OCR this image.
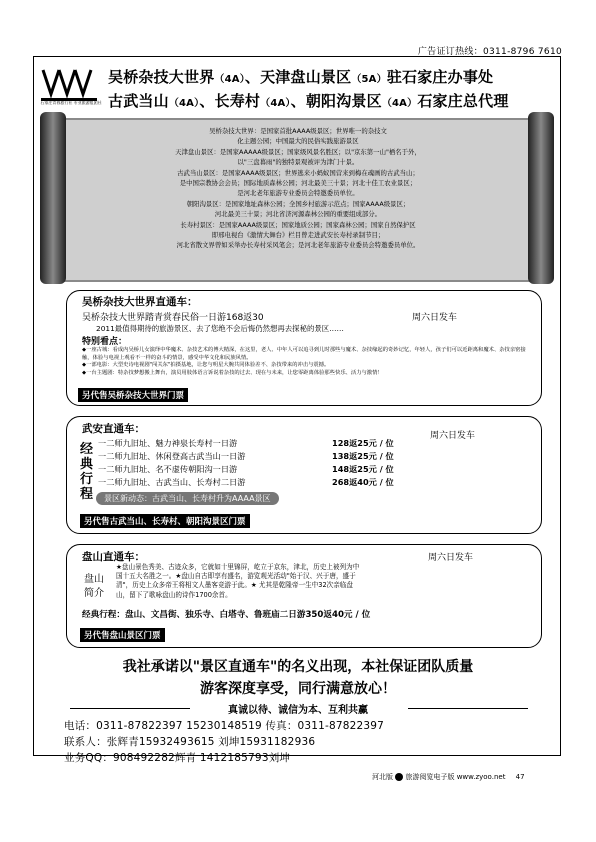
广告证订热线：0311-8796 7610
石家庄青春旅行社 专业旅游组团社
吴桥杂技大世界（4A）、天津盘山景区（5A）驻石家庄办事处
古武当山（4A）、长寿村（4A）、朝阳沟景区（4A）石家庄总代理
吴桥杂技大世界：是国家首批AAAA级景区；世界唯一的杂技文
化主题公园；中国最大的民俗实践旅游景区
天津盘山景区：是国家AAAAA级景区；国家级风景名胜区；以"京东第一山"栖名于外，
以"三盘暮雨"的独特景观被评为津门十景。
古武当山景区：是国家AAAA级景区；世界逃来小蚂蚁国营来到梅在魂画的古武当山；
是中国宗教协会会员；国际地质森林公园；河北最美三十景；河北十佳工农业景区；
是河北老年旅游专业委员会特邀委员单位。
朝阳沟景区：是国家地址森林公园；全国乡村旅游示范点；国家AAAA级景区；
河北最美三十景；河北省济河源森林公园的重要组成部分。
长寿村景区：是国家AAAA级景区；国家地质公园；国家森林公园；国家自然保护区
即邢电视台《激情大舞台》栏目曾走进武安长寿村录制节目；
河北省散文界曾如采举办长寿村采风笔会；是河北老年旅游专业委员会特邀委员单位。
吴桥杂技大世界直通车：
吴桥杂技大世界踏青赏春民俗一日游168返30	周六日发车
2011最值得期待的旅游景区、去了您绝不会后悔仍然想再去探秘的景区……
特别看点：
◆一座古城：看成内吴桥儿女演绎中华魔术、杂技艺术的博大精深，在这里，老人、中年人可以追寻到儿时那些与魔术、杂技缘起的奇妙记忆，年轻人，孩子们可以近距离和魔术、杂技亲密接触，体验与电视上观看不一样的奋斗的情景，感受中华文化和民族风情。
◆一部电影：大型史诗电视剧"闯关东"拍摄基地，让您与明星大腕共同体验差不、杂技带来的冲击与震撼。
◆一台主题剧：特杂技梦想搬上舞台，演员用肢体语言诉说着杂技的过去、现在与未来，让您零距离体验那些快乐、活力与激情！
另代售吴桥杂技大世界门票
武安直通车：
周六日发车
经
典
行
程
一二师九旧址、魅力神泉长寿村一日游	128返25元 / 位
一二师九旧址、休闲登高古武当山一日游	138返25元 / 位
一二师九旧址、名不虚传朝阳沟一日游	148返25元 / 位
一二师九旧址、古武当山、长寿村二日游	268返40元 / 位
景区新动态：古武当山、长寿村升为AAAA景区
另代售古武当山、长寿村、朝阳沟景区门票
盘山直通车：	周六日发车
盘山
简介
★盘山景色秀美、古迹众多，它就如十里锦屏，屹立于京东，津北，历史上被列为中
国十五大名胜之一。★盘山自古即享有盛名，游览观光活动"始于汉、兴于唐，盛于
清"，历史上众多帝王将相文人墨客竞游于此。★ 尤其是乾隆帝一生中32次亲临盘
山，留下了歌咏盘山的诗作1700余首。
经典行程：盘山、文昌街、独乐寺、白塔寺、鲁班庙二日游350返40元 / 位
另代售盘山景区门票
我社承诺以"景区直通车"的名义出现，本社保证团队质量
游客深度享受，同行满意放心！
真诚以待、诚信为本、互利共赢
电话：0311-87822397 15230148519 传真：0311-87822397
联系人：张辉青15932493615 刘坤15931182936
业务QQ：908492282辉青 1412185793刘坤
河北版 旅游阅览电子版 www.zyoo.net 47
